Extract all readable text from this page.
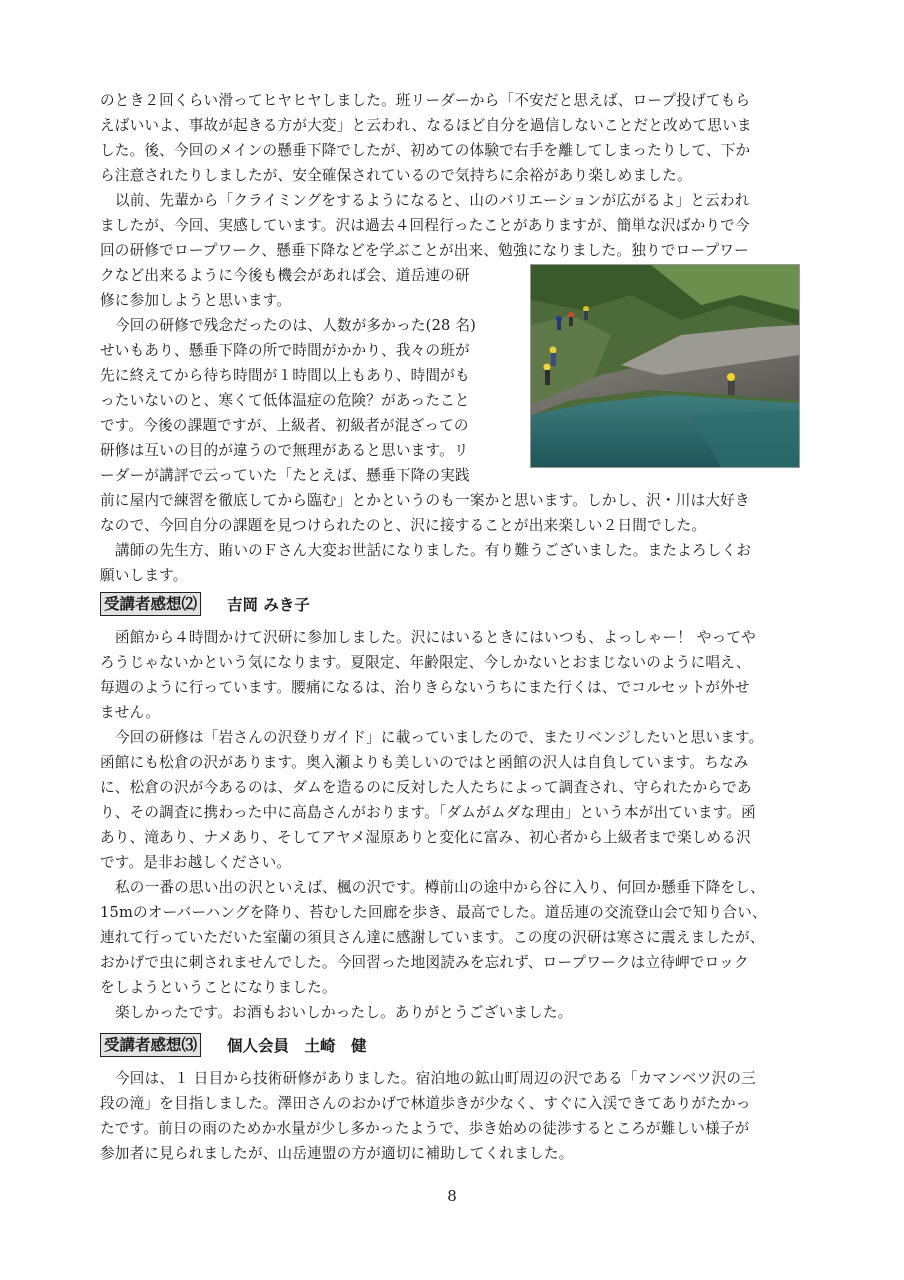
のとき２回くらい滑ってヒヤヒヤしました。班リーダーから「不安だと思えば、ロープ投げてもら
えばいいよ、事故が起きる方が大変」と云われ、なるほど自分を過信しないことだと改めて思いま
した。後、今回のメインの懸垂下降でしたが、初めての体験で右手を離してしまったりして、下か
ら注意されたりしましたが、安全確保されているので気持ちに余裕があり楽しめました。
以前、先輩から「クライミングをするようになると、山のバリエーションが広がるよ」と云われ
ましたが、今回、実感しています。沢は過去４回程行ったことがありますが、簡単な沢ばかりで今
回の研修でロープワーク、懸垂下降などを学ぶことが出来、勉強になりました。独りでロープワー
クなど出来るように今後も機会があれば会、道岳連の研
修に参加しようと思います。
今回の研修で残念だったのは、人数が多かった(28 名)
せいもあり、懸垂下降の所で時間がかかり、我々の班が
先に終えてから待ち時間が１時間以上もあり、時間がも
ったいないのと、寒くて低体温症の危険？があったこと
です。今後の課題ですが、上級者、初級者が混ざっての
研修は互いの目的が違うので無理があると思います。リ
ーダーが講評で云っていた「たとえば、懸垂下降の実践
前に屋内で練習を徹底してから臨む」とかというのも一案かと思います。しかし、沢・川は大好き
なので、今回自分の課題を見つけられたのと、沢に接することが出来楽しい２日間でした。
講師の先生方、賄いのＦさん大変お世話になりました。有り難うございました。またよろしくお
願いします。
受講者感想⑵ 吉岡 みき子
函館から４時間かけて沢研に参加しました。沢にはいるときにはいつも、よっしゃー！ やってや
ろうじゃないかという気になります。夏限定、年齢限定、今しかないとおまじないのように唱え、
毎週のように行っています。腰痛になるは、治りきらないうちにまた行くは、でコルセットが外せ
ません。
今回の研修は「岩さんの沢登りガイド」に載っていましたので、またリベンジしたいと思います。
函館にも松倉の沢があります。奥入瀬よりも美しいのではと函館の沢人は自負しています。ちなみ
に、松倉の沢が今あるのは、ダムを造るのに反対した人たちによって調査され、守られたからであ
り、その調査に携わった中に高島さんがおります。「ダムがムダな理由」という本が出ています。函
あり、滝あり、ナメあり、そしてアヤメ湿原ありと変化に富み、初心者から上級者まで楽しめる沢
です。是非お越しください。
私の一番の思い出の沢といえば、楓の沢です。樽前山の途中から谷に入り、何回か懸垂下降をし、
15mのオーバーハングを降り、苔むした回廊を歩き、最高でした。道岳連の交流登山会で知り合い、
連れて行っていただいた室蘭の須貝さん達に感謝しています。この度の沢研は寒さに震えましたが、
おかげで虫に刺されませんでした。今回習った地図読みを忘れず、ロープワークは立待岬でロック
をしようということになりました。
楽しかったです。お酒もおいしかったし。ありがとうございました。
受講者感想⑶ 個人会員　土崎　健
今回は、１ 日目から技術研修がありました。宿泊地の鉱山町周辺の沢である「カマンベツ沢の三
段の滝」を目指しました。澤田さんのおかげで林道歩きが少なく、すぐに入渓できてありがたかっ
たです。前日の雨のためか水量が少し多かったようで、歩き始めの徒渉するところが難しい様子が
参加者に見られましたが、山岳連盟の方が適切に補助してくれました。
8
